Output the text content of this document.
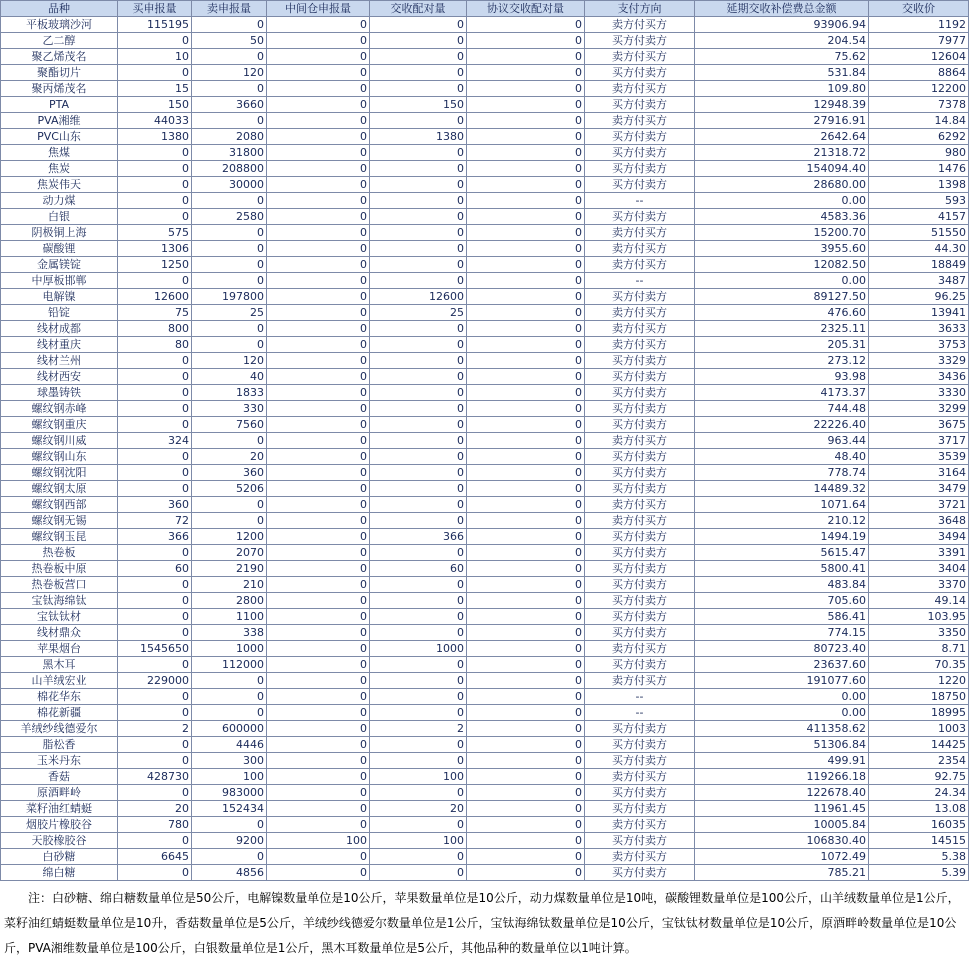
品种	买申报量	卖申报量	中间仓申报量	交收配对量	协议交收配对量	支付方向	延期交收补偿费总金额	交收价
平板玻璃沙河	115195	0	0	0	0	卖方付买方	93906.94	1192
乙二醇	0	50	0	0	0	买方付卖方	204.54	7977
聚乙烯茂名	10	0	0	0	0	卖方付买方	75.62	12604
聚酯切片	0	120	0	0	0	买方付卖方	531.84	8864
聚丙烯茂名	15	0	0	0	0	卖方付买方	109.80	12200
PTA	150	3660	0	150	0	买方付卖方	12948.39	7378
PVA湘维	44033	0	0	0	0	卖方付买方	27916.91	14.84
PVC山东	1380	2080	0	1380	0	买方付卖方	2642.64	6292
焦煤	0	31800	0	0	0	买方付卖方	21318.72	980
焦炭	0	208800	0	0	0	买方付卖方	154094.40	1476
焦炭伟天	0	30000	0	0	0	买方付卖方	28680.00	1398
动力煤	0	0	0	0	0	--	0.00	593
白银	0	2580	0	0	0	买方付卖方	4583.36	4157
阴极铜上海	575	0	0	0	0	卖方付买方	15200.70	51550
碳酸锂	1306	0	0	0	0	卖方付买方	3955.60	44.30
金属镁锭	1250	0	0	0	0	卖方付买方	12082.50	18849
中厚板邯郸	0	0	0	0	0	--	0.00	3487
电解镍	12600	197800	0	12600	0	买方付卖方	89127.50	96.25
铅锭	75	25	0	25	0	卖方付买方	476.60	13941
线材成都	800	0	0	0	0	卖方付买方	2325.11	3633
线材重庆	80	0	0	0	0	卖方付买方	205.31	3753
线材兰州	0	120	0	0	0	买方付卖方	273.12	3329
线材西安	0	40	0	0	0	买方付卖方	93.98	3436
球墨铸铁	0	1833	0	0	0	买方付卖方	4173.37	3330
螺纹钢赤峰	0	330	0	0	0	买方付卖方	744.48	3299
螺纹钢重庆	0	7560	0	0	0	买方付卖方	22226.40	3675
螺纹钢川威	324	0	0	0	0	卖方付买方	963.44	3717
螺纹钢山东	0	20	0	0	0	买方付卖方	48.40	3539
螺纹钢沈阳	0	360	0	0	0	买方付卖方	778.74	3164
螺纹钢太原	0	5206	0	0	0	买方付卖方	14489.32	3479
螺纹钢西部	360	0	0	0	0	卖方付买方	1071.64	3721
螺纹钢无锡	72	0	0	0	0	卖方付买方	210.12	3648
螺纹钢玉昆	366	1200	0	366	0	买方付卖方	1494.19	3494
热卷板	0	2070	0	0	0	买方付卖方	5615.47	3391
热卷板中原	60	2190	0	60	0	买方付卖方	5800.41	3404
热卷板营口	0	210	0	0	0	买方付卖方	483.84	3370
宝钛海绵钛	0	2800	0	0	0	买方付卖方	705.60	49.14
宝钛钛材	0	1100	0	0	0	买方付卖方	586.41	103.95
线材鼎众	0	338	0	0	0	买方付卖方	774.15	3350
苹果烟台	1545650	1000	0	1000	0	卖方付买方	80723.40	8.71
黑木耳	0	112000	0	0	0	买方付卖方	23637.60	70.35
山羊绒宏业	229000	0	0	0	0	卖方付买方	191077.60	1220
棉花华东	0	0	0	0	0	--	0.00	18750
棉花新疆	0	0	0	0	0	--	0.00	18995
羊绒纱线德爱尔	2	600000	0	2	0	买方付卖方	411358.62	1003
脂松香	0	4446	0	0	0	买方付卖方	51306.84	14425
玉米丹东	0	300	0	0	0	买方付卖方	499.91	2354
香菇	428730	100	0	100	0	卖方付买方	119266.18	92.75
原酒畔岭	0	983000	0	0	0	买方付卖方	122678.40	24.34
菜籽油红蜻蜓	20	152434	0	20	0	买方付卖方	11961.45	13.08
烟胶片橡胶谷	780	0	0	0	0	卖方付买方	10005.84	16035
天胶橡胶谷	0	9200	100	100	0	买方付卖方	106830.40	14515
白砂糖	6645	0	0	0	0	卖方付买方	1072.49	5.38
绵白糖	0	4856	0	0	0	买方付卖方	785.21	5.39
注：白砂糖、绵白糖数量单位是50公斤，电解镍数量单位是10公斤，苹果数量单位是10公斤，动力煤数量单位是10吨，碳酸锂数量单位是100公斤，山羊绒数量单位是1公斤，菜籽油红蜻蜓数量单位是10升，香菇数量单位是5公斤，羊绒纱线德爱尔数量单位是1公斤，宝钛海绵钛数量单位是10公斤，宝钛钛材数量单位是10公斤，原酒畔岭数量单位是10公斤，PVA湘维数量单位是100公斤，白银数量单位是1公斤，黑木耳数量单位是5公斤，其他品种的数量单位以1吨计算。
